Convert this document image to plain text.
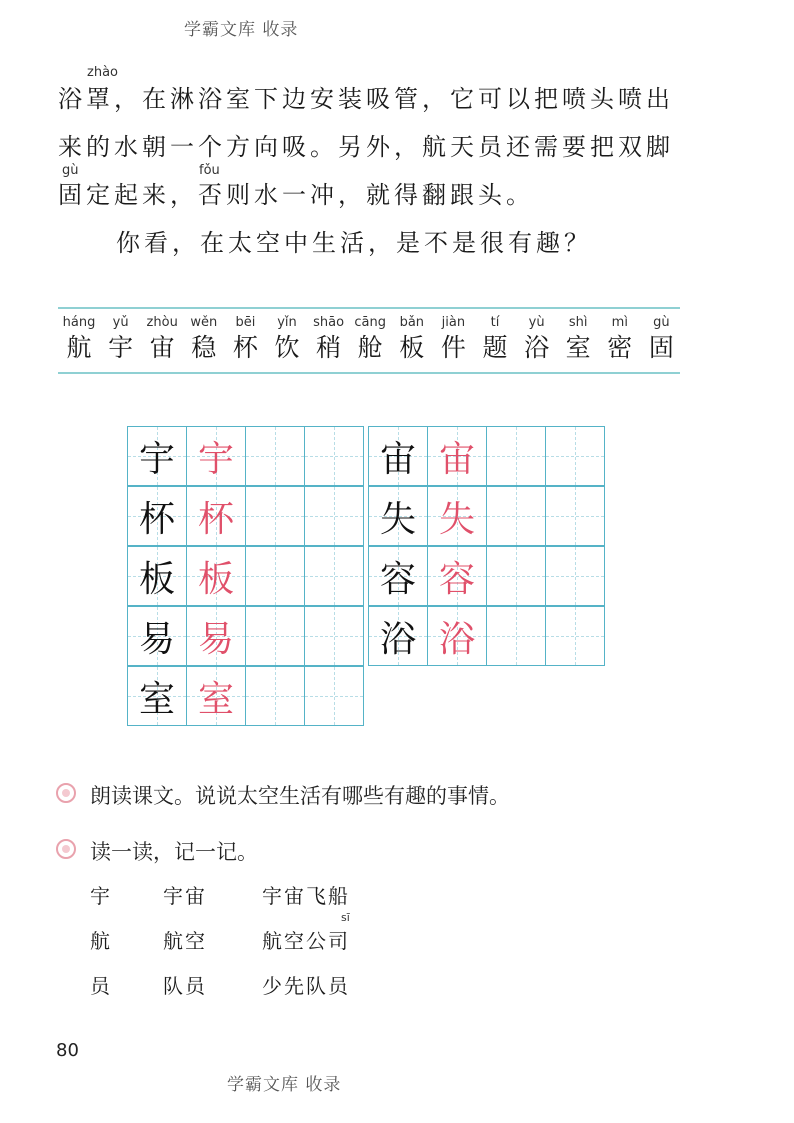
学霸文库 收录
zhào
浴罩，在淋浴室下边安装吸管，它可以把喷头喷出
来的水朝一个方向吸。另外，航天员还需要把双脚
gù	fǒu
固定起来，否则水一冲，就得翻跟头。
你看，在太空中生活，是不是很有趣？
háng
航
yǔ
宇
zhòu
宙
wěn
稳
bēi
杯
yǐn
饮
shāo
稍
cāng
舱
bǎn
板
jiàn
件
tí
题
yù
浴
shì
室
mì
密
gù
固
宇 宇
杯 杯
板 板
易 易
室 室
宙 宙
失 失
容 容
浴 浴
朗读课文。说说太空生活有哪些有趣的事情。
读一读，记一记。
宇	宇宙	宇宙飞船
航	航空	航空公司
sī
员	队员	少先队员
80
学霸文库 收录
